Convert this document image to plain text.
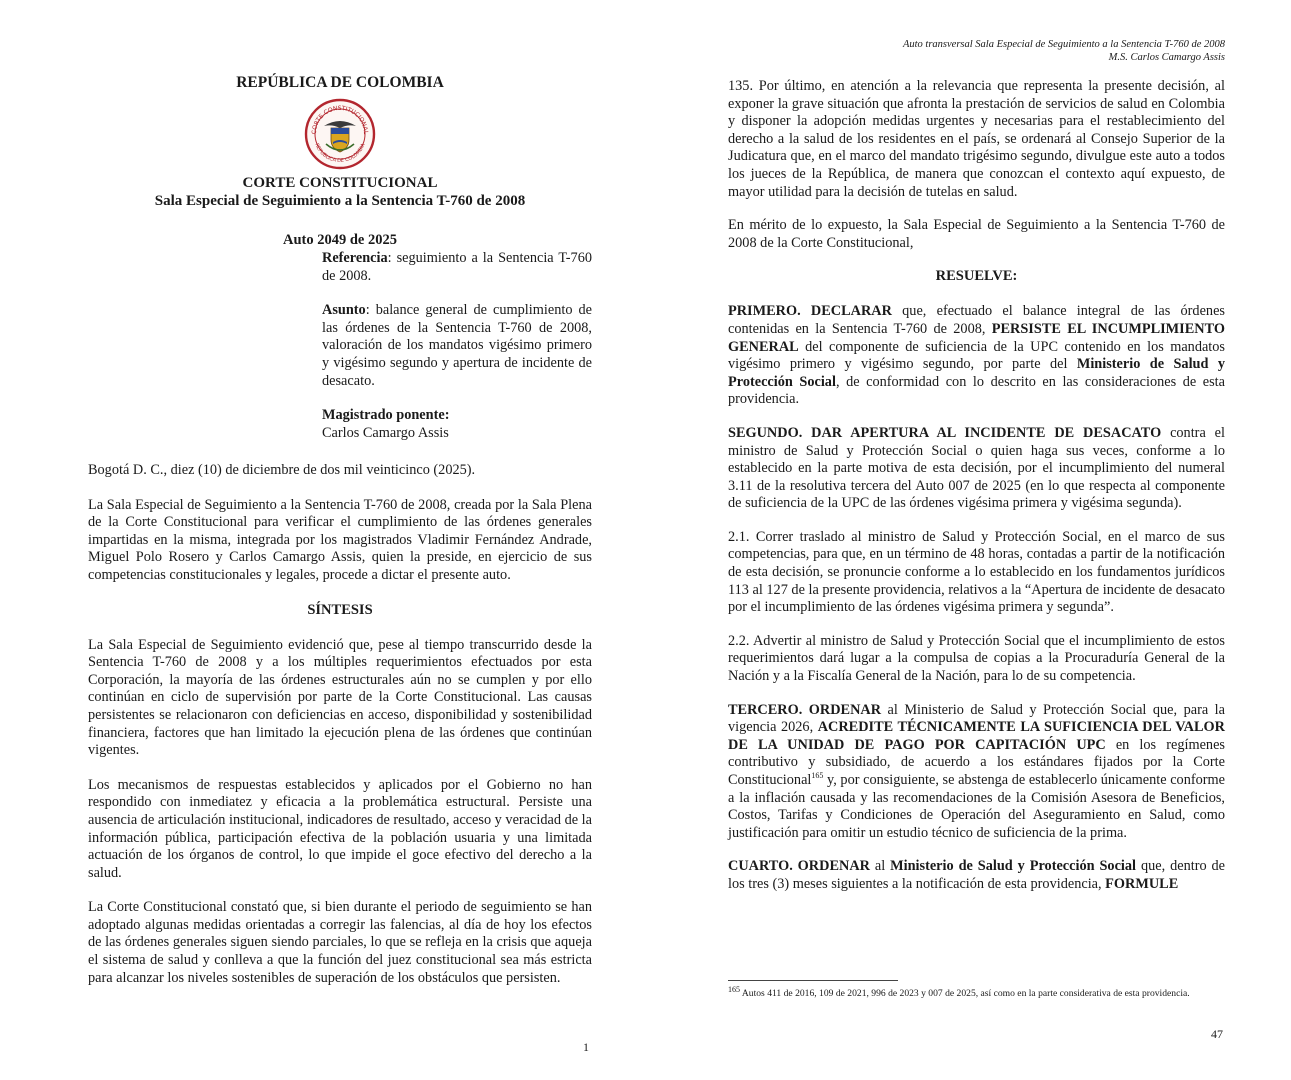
REPÚBLICA DE COLOMBIA

CORTE CONSTITUCIONAL
REPUBLICA DE COLOMBIA

CORTE CONSTITUCIONAL

Sala Especial de Seguimiento a la Sentencia T-760 de 2008

Auto 2049 de 2025

Referencia: seguimiento a la Sentencia T-760 de 2008.

Asunto: balance general de cumplimiento de las órdenes de la Sentencia T-760 de 2008, valoración de los mandatos vigésimo primero y vigésimo segundo y apertura de incidente de desacato.

Magistrado ponente:
Carlos Camargo Assis

Bogotá D. C., diez (10) de diciembre de dos mil veinticinco (2025).

La Sala Especial de Seguimiento a la Sentencia T-760 de 2008, creada por la Sala Plena de la Corte Constitucional para verificar el cumplimiento de las órdenes generales impartidas en la misma, integrada por los magistrados Vladimir Fernández Andrade, Miguel Polo Rosero y Carlos Camargo Assis, quien la preside, en ejercicio de sus competencias constitucionales y legales, procede a dictar el presente auto.

SÍNTESIS

La Sala Especial de Seguimiento evidenció que, pese al tiempo transcurrido desde la Sentencia T-760 de 2008 y a los múltiples requerimientos efectuados por esta Corporación, la mayoría de las órdenes estructurales aún no se cumplen y por ello continúan en ciclo de supervisión por parte de la Corte Constitucional. Las causas persistentes se relacionaron con deficiencias en acceso, disponibilidad y sostenibilidad financiera, factores que han limitado la ejecución plena de las órdenes que continúan vigentes.

Los mecanismos de respuestas establecidos y aplicados por el Gobierno no han respondido con inmediatez y eficacia a la problemática estructural. Persiste una ausencia de articulación institucional, indicadores de resultado, acceso y veracidad de la información pública, participación efectiva de la población usuaria y una limitada actuación de los órganos de control, lo que impide el goce efectivo del derecho a la salud.

La Corte Constitucional constató que, si bien durante el periodo de seguimiento se han adoptado algunas medidas orientadas a corregir las falencias, al día de hoy los efectos de las órdenes generales siguen siendo parciales, lo que se refleja en la crisis que aqueja el sistema de salud y conlleva a que la función del juez constitucional sea más estricta para alcanzar los niveles sostenibles de superación de los obstáculos que persisten.

1
Auto transversal Sala Especial de Seguimiento a la Sentencia T-760 de 2008
M.S. Carlos Camargo Assis

135. Por último, en atención a la relevancia que representa la presente decisión, al exponer la grave situación que afronta la prestación de servicios de salud en Colombia y disponer la adopción medidas urgentes y necesarias para el restablecimiento del derecho a la salud de los residentes en el país, se ordenará al Consejo Superior de la Judicatura que, en el marco del mandato trigésimo segundo, divulgue este auto a todos los jueces de la República, de manera que conozcan el contexto aquí expuesto, de mayor utilidad para la decisión de tutelas en salud.

En mérito de lo expuesto, la Sala Especial de Seguimiento a la Sentencia T-760 de 2008 de la Corte Constitucional,

RESUELVE:

PRIMERO. DECLARAR que, efectuado el balance integral de las órdenes contenidas en la Sentencia T-760 de 2008, PERSISTE EL INCUMPLIMIENTO GENERAL del componente de suficiencia de la UPC contenido en los mandatos vigésimo primero y vigésimo segundo, por parte del Ministerio de Salud y Protección Social, de conformidad con lo descrito en las consideraciones de esta providencia.

SEGUNDO. DAR APERTURA AL INCIDENTE DE DESACATO contra el ministro de Salud y Protección Social o quien haga sus veces, conforme a lo establecido en la parte motiva de esta decisión, por el incumplimiento del numeral 3.11 de la resolutiva tercera del Auto 007 de 2025 (en lo que respecta al componente de suficiencia de la UPC de las órdenes vigésima primera y vigésima segunda).

2.1. Correr traslado al ministro de Salud y Protección Social, en el marco de sus competencias, para que, en un término de 48 horas, contadas a partir de la notificación de esta decisión, se pronuncie conforme a lo establecido en los fundamentos jurídicos 113 al 127 de la presente providencia, relativos a la “Apertura de incidente de desacato por el incumplimiento de las órdenes vigésima primera y segunda”.

2.2. Advertir al ministro de Salud y Protección Social que el incumplimiento de estos requerimientos dará lugar a la compulsa de copias a la Procuraduría General de la Nación y a la Fiscalía General de la Nación, para lo de su competencia.

TERCERO. ORDENAR al Ministerio de Salud y Protección Social que, para la vigencia 2026, ACREDITE TÉCNICAMENTE LA SUFICIENCIA DEL VALOR DE LA UNIDAD DE PAGO POR CAPITACIÓN UPC en los regímenes contributivo y subsidiado, de acuerdo a los estándares fijados por la Corte Constitucional$^{165}$ y, por consiguiente, se abstenga de establecerlo únicamente conforme a la inflación causada y las recomendaciones de la Comisión Asesora de Beneficios, Costos, Tarifas y Condiciones de Operación del Aseguramiento en Salud, como justificación para omitir un estudio técnico de suficiencia de la prima.

CUARTO. ORDENAR al Ministerio de Salud y Protección Social que, dentro de los tres (3) meses siguientes a la notificación de esta providencia, FORMULE

$^{165}$ Autos 411 de 2016, 109 de 2021, 996 de 2023 y 007 de 2025, así como en la parte considerativa de esta providencia.

47
